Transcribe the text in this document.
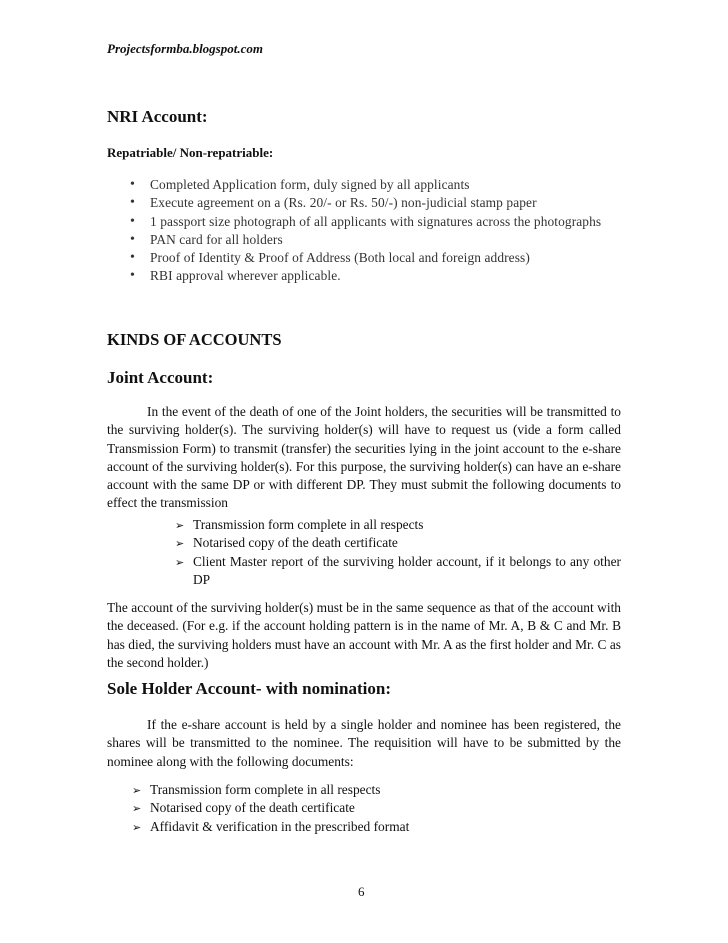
Projectsformba.blogspot.com
NRI Account:
Repatriable/ Non-repatriable:
• Completed Application form, duly signed by all applicants
• Execute agreement on a (Rs. 20/- or Rs. 50/-) non-judicial stamp paper
• 1 passport size photograph of all applicants with signatures across the photographs
• PAN card for all holders
• Proof of Identity & Proof of Address (Both local and foreign address)
• RBI approval wherever applicable.
KINDS OF ACCOUNTS
Joint Account:
In the event of the death of one of the Joint holders, the securities will be transmitted to the surviving holder(s). The surviving holder(s) will have to request us (vide a form called Transmission Form) to transmit (transfer) the securities lying in the joint account to the e-share account of the surviving holder(s). For this purpose, the surviving holder(s) can have an e-share account with the same DP or with different DP. They must submit the following documents to effect the transmission
➢ Transmission form complete in all respects
➢ Notarised copy of the death certificate
➢ Client Master report of the surviving holder account, if it belongs to any other DP
The account of the surviving holder(s) must be in the same sequence as that of the account with the deceased. (For e.g. if the account holding pattern is in the name of Mr. A, B & C and Mr. B has died, the surviving holders must have an account with Mr. A as the first holder and Mr. C as the second holder.)
Sole Holder Account- with nomination:
If the e-share account is held by a single holder and nominee has been registered, the shares will be transmitted to the nominee. The requisition will have to be submitted by the nominee along with the following documents:
➢ Transmission form complete in all respects
➢ Notarised copy of the death certificate
➢ Affidavit & verification in the prescribed format
6
